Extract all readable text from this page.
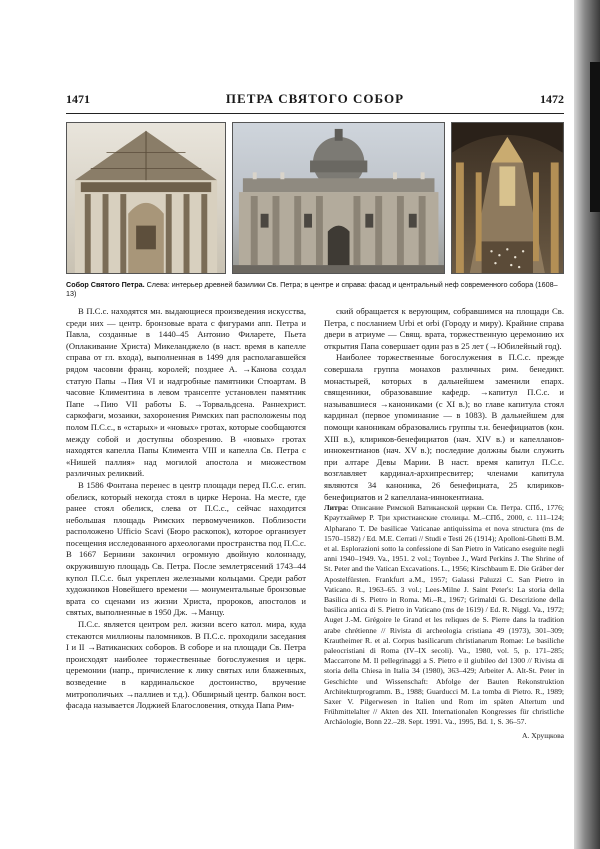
1471	ПЕТРА СВЯТОГО СОБОР	1472
Собор Святого Петра. Слева: интерьер древней базилики Св. Петра; в центре и справа: фасад и центральный неф современного собора (1608–13)

В П.С.с. находятся мн. выдающиеся произведения искусства, среди них — центр. бронзовые врата с фигурами апп. Петра и Павла, созданные в 1440–45 Антонио Филарете, Пьета (Оплакивание Христа) Микеланджело (в наст. время в капелле справа от гл. входа), выполненная в 1499 для располагавшейся рядом часовни франц. королей; позднее А. →Канова создал статую Папы →Пия VI и надгробные памятники Стюартам. В часовне Климентина в левом трансепте установлен памятник Папе →Пию VII работы Б. →Торвальдсена. Раннехрист. саркофаги, мозаики, захоронения Римских пап расположены под полом П.С.с., в «старых» и «новых» гротах, которые сообщаются между собой и доступны обозрению. В «новых» гротах находятся капелла Папы Климента VIII и капелла Св. Петра с «Нишей паллия» над могилой апостола и множеством различных реликвий.

В 1586 Фонтана перенес в центр площади перед П.С.с. егип. обелиск, который некогда стоял в цирке Нерона. На месте, где ранее стоял обелиск, слева от П.С.с., сейчас находится небольшая площадь Римских первомучеников. Поблизости расположено Ufficio Scavi (Бюро раскопок), которое организует посещения исследованного археологами пространства под П.С.с. В 1667 Бернини закончил огромную двойную колоннаду, окружившую площадь Св. Петра. После землетрясений 1743–44 купол П.С.с. был укреплен железными кольцами. Среди работ художников Новейшего времени — монументальные бронзовые врата со сценами из жизни Христа, пророков, апостолов и святых, выполненные в 1950 Дж. →Манцу.

П.С.с. является центром рел. жизни всего катол. мира, куда стекаются миллионы паломников. В П.С.с. проходили заседания I и II →Ватиканских соборов. В соборе и на площади Св. Петра происходят наиболее торжественные богослужения и церк. церемонии (напр., причисление к лику святых или блаженных, возведение в кардинальское достоинство, вручение митрополичьих →паллиев и т.д.). Обширный центр. балкон вост. фасада называется Лоджией Благословения, откуда Папа Рим-

ский обращается к верующим, собравшимся на площади Св. Петра, с посланием Urbi et orbi (Городу и миру). Крайние справа двери в атриуме — Свящ. врата, торжественную церемонию их открытия Папа совершает один раз в 25 лет (→Юбилейный год).

Наиболее торжественные богослужения в П.С.с. прежде совершала группа монахов различных рим. бенедикт. монастырей, которых в дальнейшем заменили епарх. священники, образовавшие кафедр. →капитул П.С.с. и называвшиеся →канониками (с XI в.); во главе капитула стоял кардинал (первое упоминание — в 1083). В дальнейшем для помощи каноникам образовались группы т.н. бенефициатов (кон. XIII в.), клириков-бенефициатов (нач. XIV в.) и капелланов-иннокентианов (нач. XV в.); последние должны были служить при алтаре Девы Марии. В наст. время капитул П.С.с. возглавляет кардинал-архипресвитер; членами капитула являются 34 каноника, 26 бенефициата, 25 клириков-бенефициатов и 2 капеллана-иннокентиана.

Литра: Описание Римской Ватиканской церкви Св. Петра. СПб., 1776; Краутхаймер Р. Три христианские столицы. М.–СПб., 2000, с. 111–124; Alpharano T. De basilicae Vaticanae antiquissima et nova structura (ms de 1570–1582) / Ed. M.E. Cerrati // Studi e Testi 26 (1914); Apolloni-Ghetti B.M. et al. Esplorazioni sotto la confessione di San Pietro in Vaticano eseguite negli anni 1940–1949. Va., 1951. 2 vol.; Toynbee J., Ward Perkins J. The Shrine of St. Peter and the Vatican Excavations. L., 1956; Kirschbaum E. Die Gräber der Apostelfürsten. Frankfurt a.M., 1957; Galassi Paluzzi C. San Pietro in Vaticano. R., 1963–65. 3 vol.; Lees-Milne J. Saint Peter's: La storia della Basilica di S. Pietro in Roma. Mi.–R., 1967; Grimaldi G. Descrizione della basilica antica di S. Pietro in Vaticano (ms de 1619) / Ed. R. Niggl. Va., 1972; Auget J.-M. Grégoire le Grand et les reliques de S. Pierre dans la tradition arabe chrétienne // Rivista di archeologia cristiana 49 (1973), 301–309; Krautheimer R. et al. Corpus basilicarum christianarum Romae: Le basiliche paleocristiani di Roma (IV–IX secoli). Va., 1980, vol. 5, p. 171–285; Maccarrone M. Il pellegrinaggi a S. Pietro e il giubileo del 1300 // Rivista di storia della Chiesa in Italia 34 (1980), 363–429; Arbeiter A. Alt-St. Peter in Geschichte und Wissenschaft: Abfolge der Bauten Rekonstruktion Architekturprogramm. B., 1988; Guarducci M. La tomba di Pietro. R., 1989; Saxer V. Pilgerwesen in Italien und Rom im späten Altertum und Frühmittelalter // Akten des XII. Internationalen Kongresses für christliche Archäologie, Bonn 22.–28. Sept. 1991. Va., 1995, Bd. 1, S. 36–57.

А. Хрущкова
